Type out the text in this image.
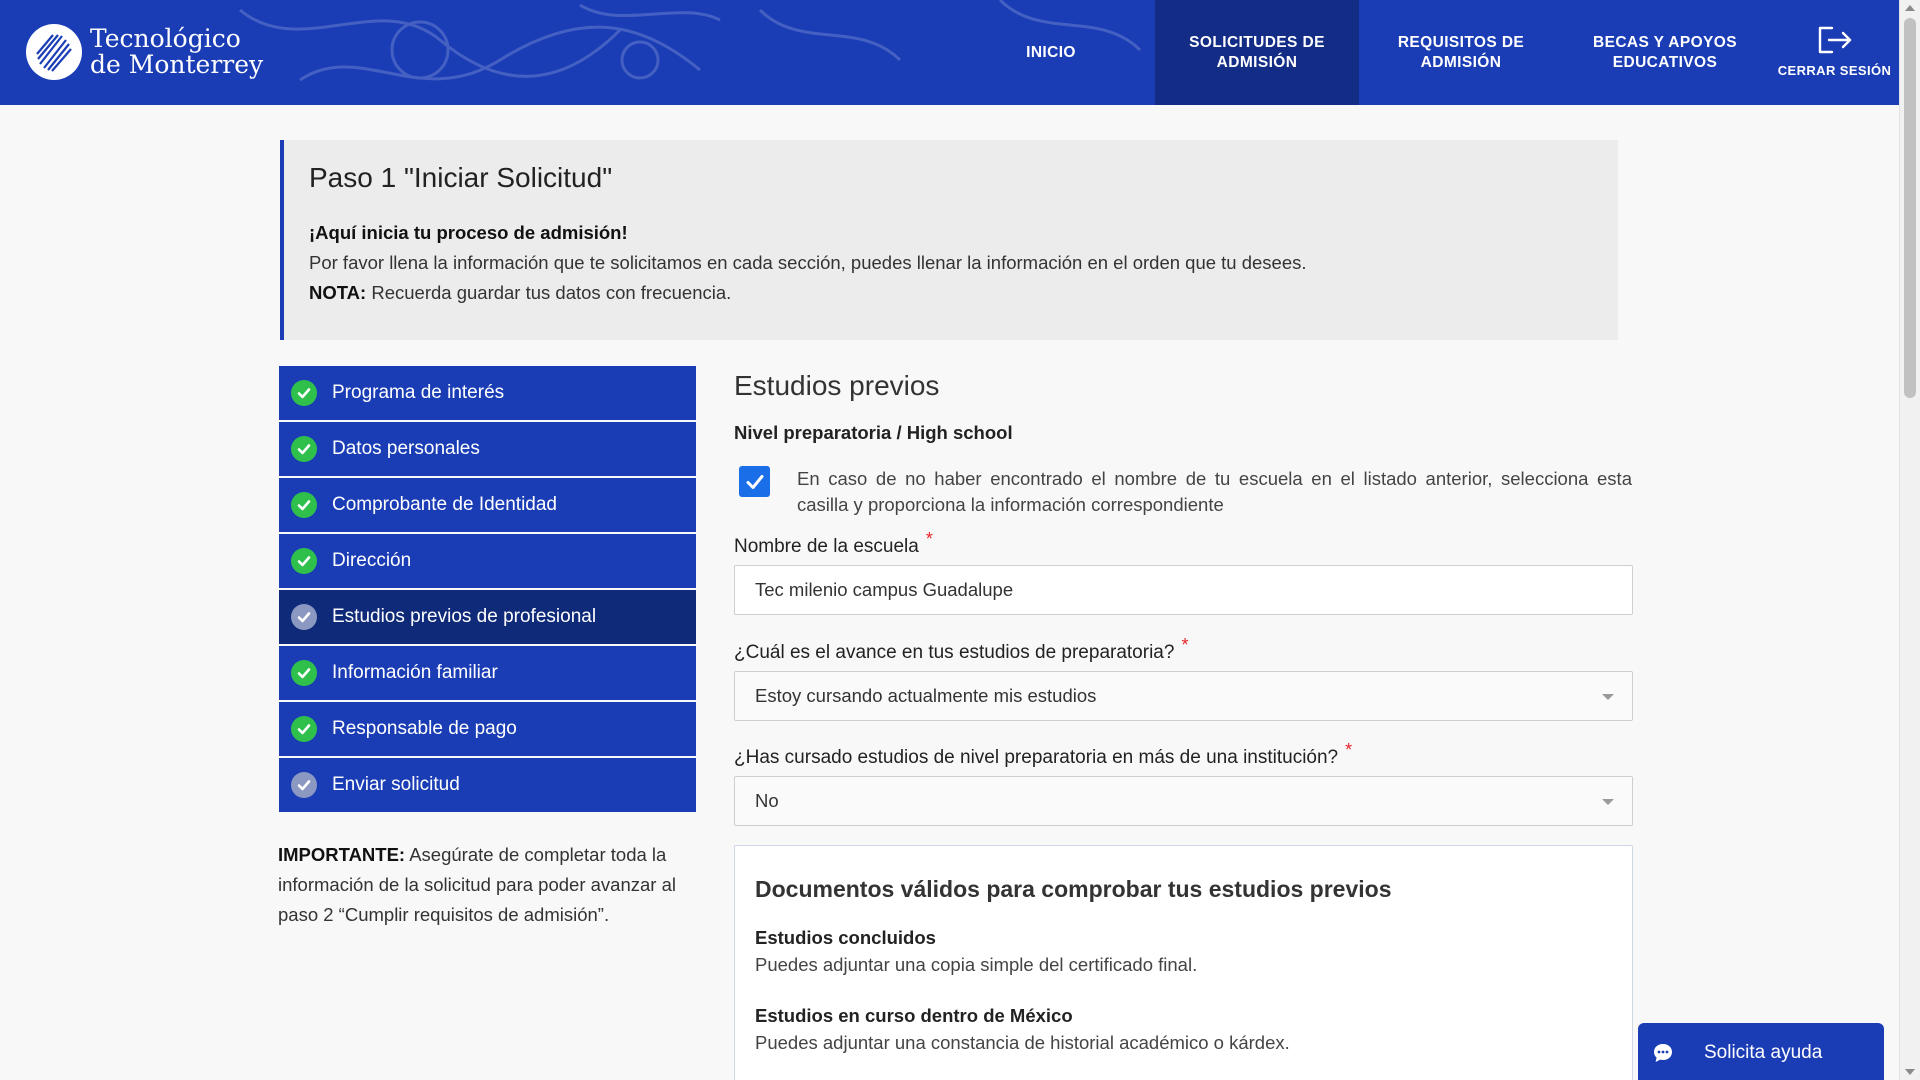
Tecnológico
de Monterrey	INICIO
SOLICITUDES DE
ADMISIÓN
REQUISITOS DE
ADMISIÓN
BECAS Y APOYOS
EDUCATIVOS	CERRAR SESIÓN
Paso 1 "Iniciar Solicitud"

¡Aquí inicia tu proceso de admisión!

Por favor llena la información que te solicitamos en cada sección, puedes llenar la información en el orden que tu desees.

NOTA: Recuerda guardar tus datos con frecuencia.

Programa de interés
Datos personales
Comprobante de Identidad
Dirección
Estudios previos de profesional
Información familiar
Responsable de pago
Enviar solicitud
IMPORTANTE: Asegúrate de completar toda la información de la solicitud para poder avanzar al paso 2 “Cumplir requisitos de admisión”.
Estudios previos
Nivel preparatoria / High school
En caso de no haber encontrado el nombre de tu escuela en el listado anterior, selecciona esta casilla y proporciona la información correspondiente
Nombre de la escuela *
Tec milenio campus Guadalupe
¿Cuál es el avance en tus estudios de preparatoria? *
Estoy cursando actualmente mis estudios
¿Has cursado estudios de nivel preparatoria en más de una institución? *
No
Documentos válidos para comprobar tus estudios previos
Estudios concluidos

Puedes adjuntar una copia simple del certificado final.

Estudios en curso dentro de México

Puedes adjuntar una constancia de historial académico o kárdex.	Solicita ayuda
